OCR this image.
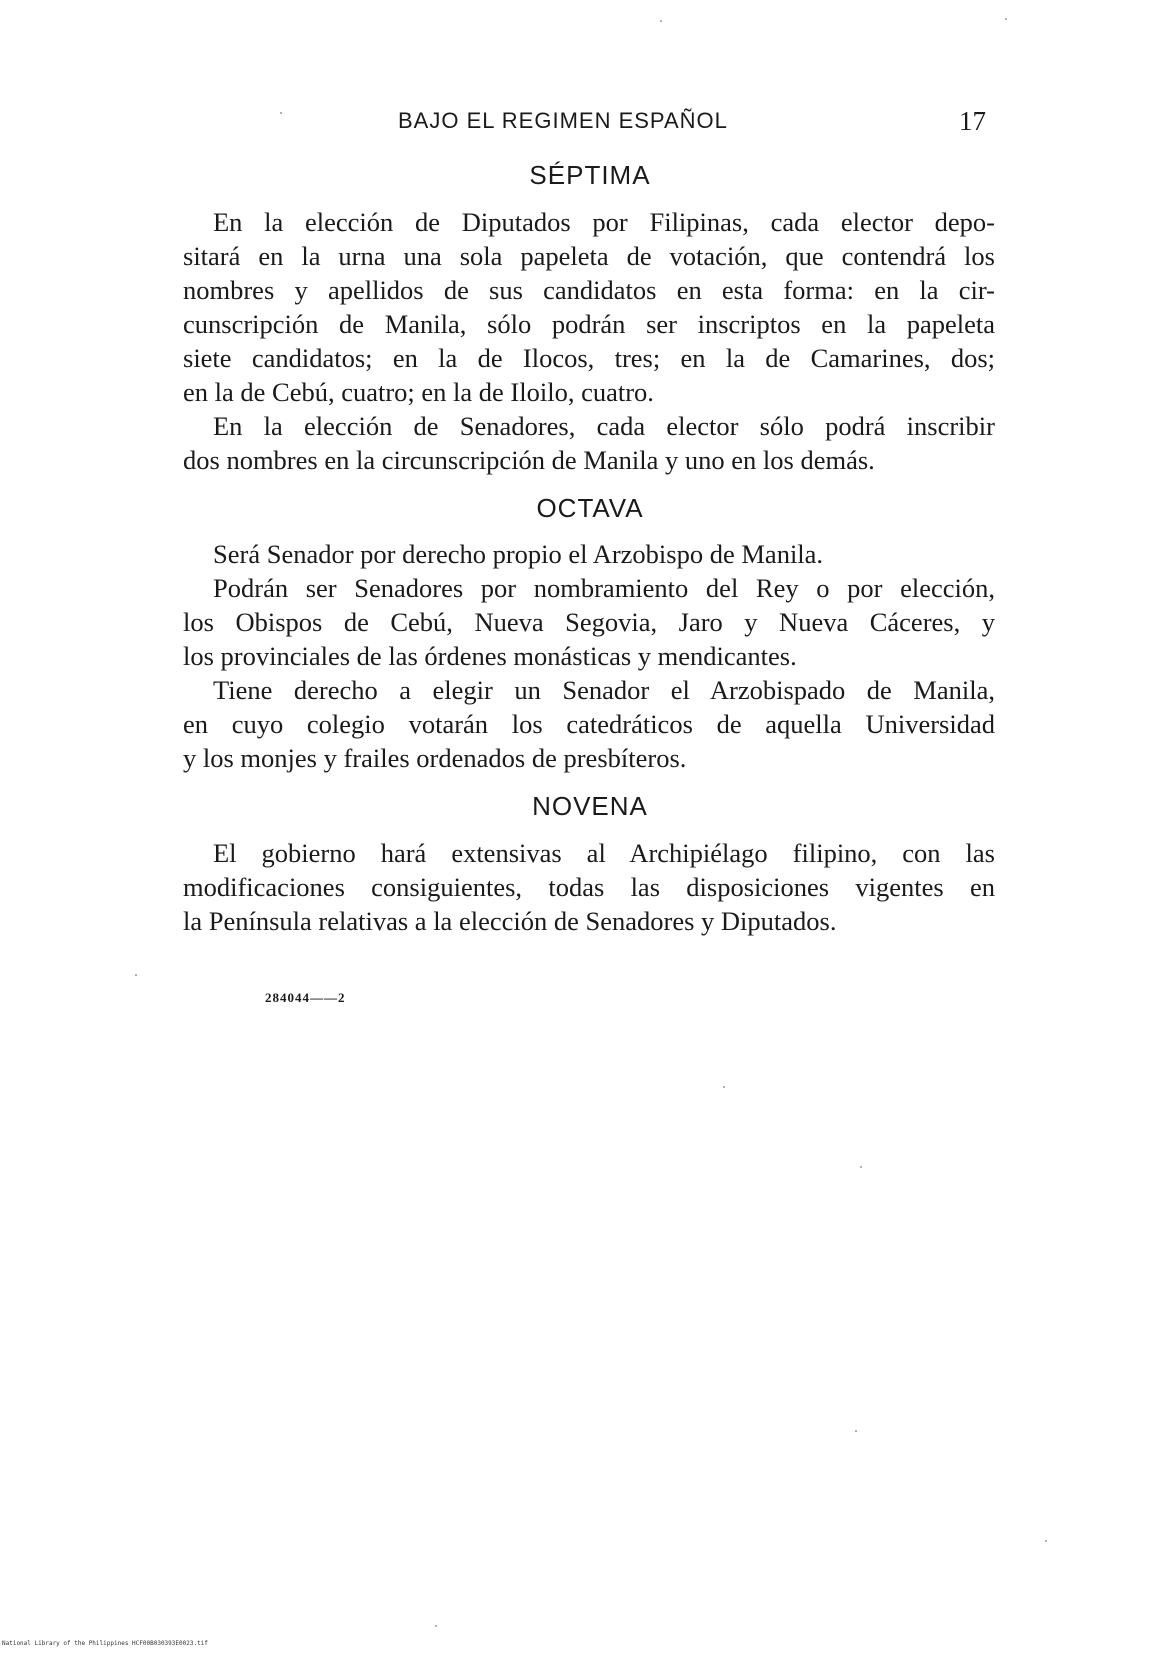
BAJO EL REGIMEN ESPAÑOL	17
SÉPTIMA

En la elección de Diputados por Filipinas, cada elector depo-
sitará en la urna una sola papeleta de votación, que contendrá los
nombres y apellidos de sus candidatos en esta forma: en la cir-
cunscripción de Manila, sólo podrán ser inscriptos en la papeleta
siete candidatos; en la de Ilocos, tres; en la de Camarines, dos;
en la de Cebú, cuatro; en la de Iloilo, cuatro.

En la elección de Senadores, cada elector sólo podrá inscribir
dos nombres en la circunscripción de Manila y uno en los demás.

OCTAVA

Será Senador por derecho propio el Arzobispo de Manila.

Podrán ser Senadores por nombramiento del Rey o por elección,
los Obispos de Cebú, Nueva Segovia, Jaro y Nueva Cáceres, y
los provinciales de las órdenes monásticas y mendicantes.

Tiene derecho a elegir un Senador el Arzobispado de Manila,
en cuyo colegio votarán los catedráticos de aquella Universidad
y los monjes y frailes ordenados de presbíteros.

NOVENA

El gobierno hará extensivas al Archipiélago filipino, con las
modificaciones consiguientes, todas las disposiciones vigentes en
la Península relativas a la elección de Senadores y Diputados.

284044——2
National Library of the Philippines HCF00B030393E0023.tif
